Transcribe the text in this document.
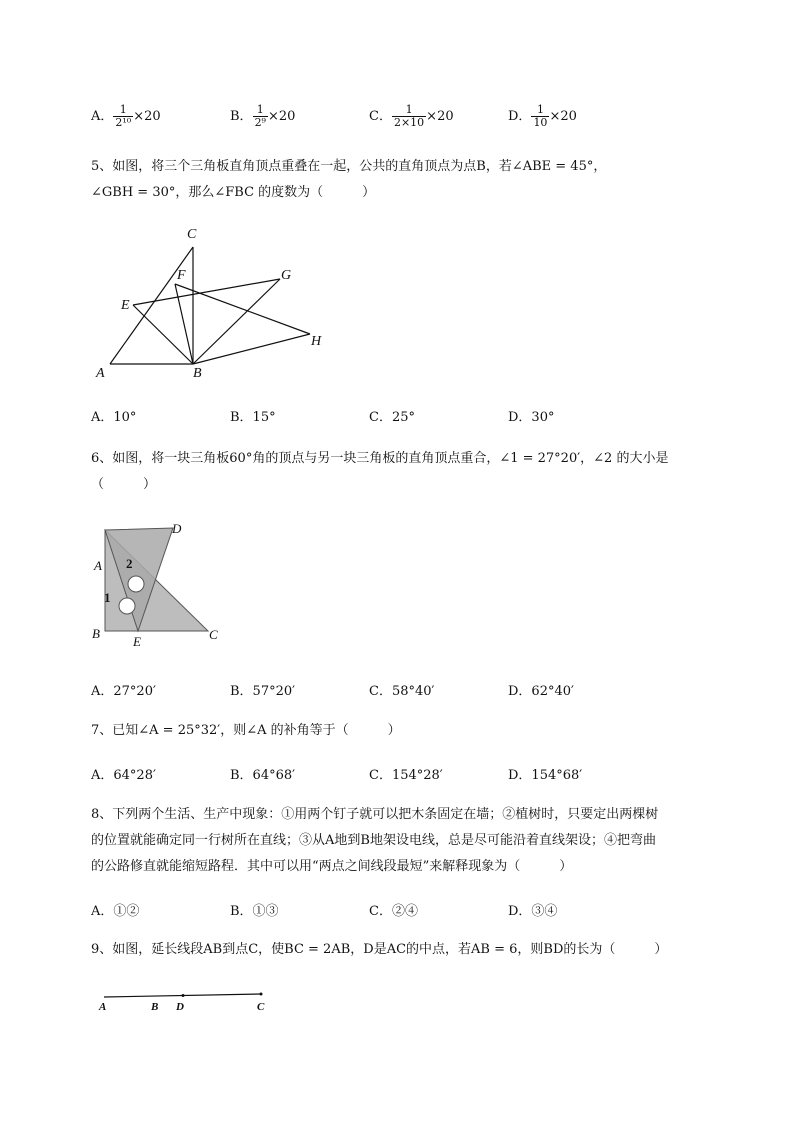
A． $\frac{1}{\text{2¹⁰}} \times 20$	B． $\frac{1}{\text{2⁹}} \times 20$	C． $\frac{1}{2\times 10} \times 20$	D． $\frac{1}{10} \times 20$
5、如图，将三个三角板直角顶点重叠在一起，公共的直角顶点为点B，若∠ABE = 45°，
∠GBH = 30°，那么∠FBC 的度数为（　　　）
C
F	G
E
H
A	B
A．10°	B．15°	C．25°	D．30°
6、如图，将一块三角板60°角的顶点与另一块三角板的直角顶点重合，∠1 = 27°20′，∠2 的大小是
（　　　）
D
A 2
1
B
E	C
A．27°20′	B．57°20′	C．58°40′	D．62°40′
7、已知∠A = 25°32′，则∠A 的补角等于（　　　）
A．64°28′	B．64°68′	C．154°28′	D．154°68′
8、下列两个生活、生产中现象：①用两个钉子就可以把木条固定在墙；②植树时，只要定出两棵树
的位置就能确定同一行树所在直线；③从A地到B地架设电线，总是尽可能沿着直线架设；④把弯曲
的公路修直就能缩短路程．其中可以用“两点之间线段最短”来解释现象为（　　　）
A．①②	B．①③	C．②④	D．③④
9、如图，延长线段AB到点C，使BC = 2AB，D是AC的中点，若AB = 6，则BD的长为（　　　）
A	B D	C
